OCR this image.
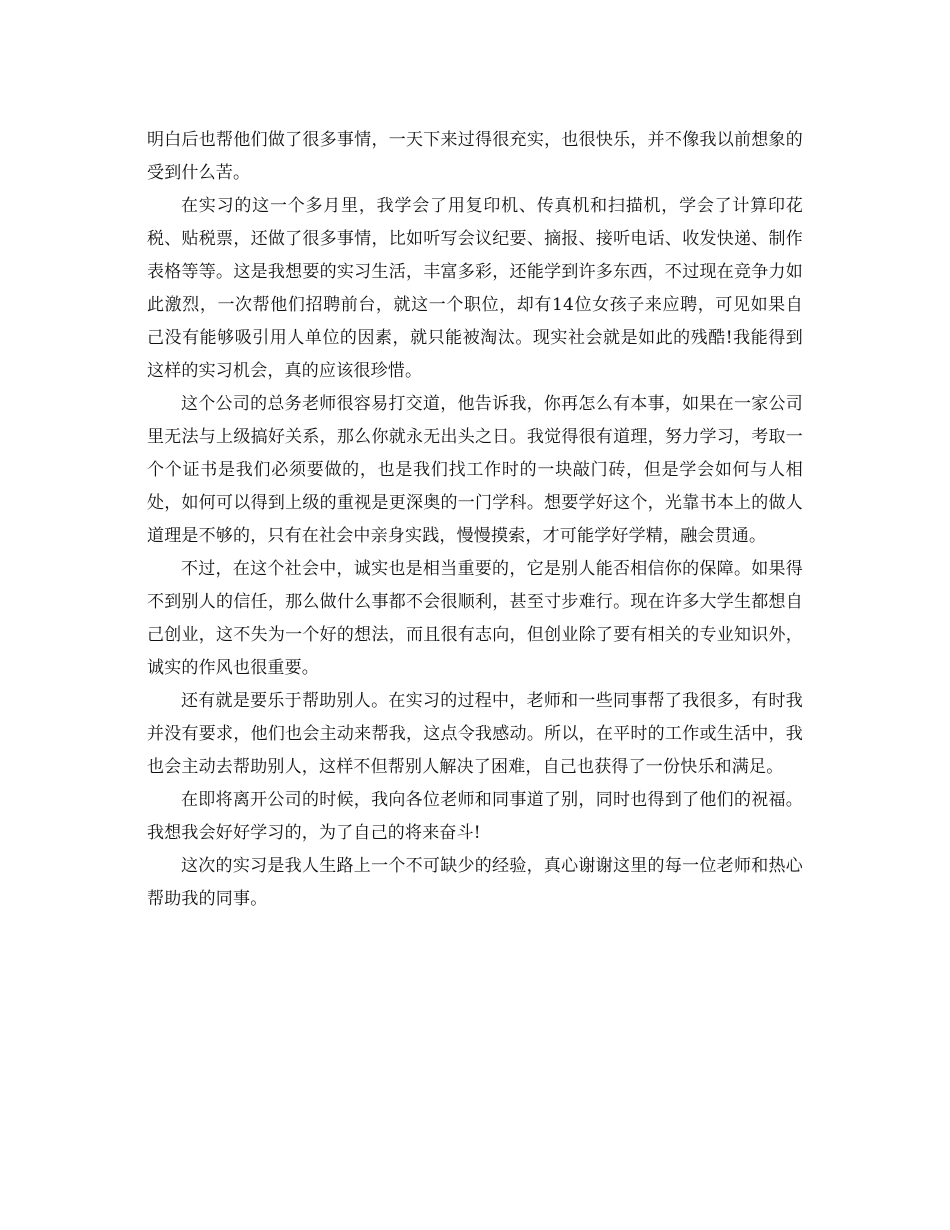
明白后也帮他们做了很多事情，一天下来过得很充实，也很快乐，并不像我以前想象的受到什么苦。

在实习的这一个多月里，我学会了用复印机、传真机和扫描机，学会了计算印花税、贴税票，还做了很多事情，比如听写会议纪要、摘报、接听电话、收发快递、制作表格等等。这是我想要的实习生活，丰富多彩，还能学到许多东西，不过现在竞争力如此激烈，一次帮他们招聘前台，就这一个职位，却有14位女孩子来应聘，可见如果自己没有能够吸引用人单位的因素，就只能被淘汰。现实社会就是如此的残酷!我能得到这样的实习机会，真的应该很珍惜。

这个公司的总务老师很容易打交道，他告诉我，你再怎么有本事，如果在一家公司里无法与上级搞好关系，那么你就永无出头之日。我觉得很有道理，努力学习，考取一个个证书是我们必须要做的，也是我们找工作时的一块敲门砖，但是学会如何与人相处，如何可以得到上级的重视是更深奥的一门学科。想要学好这个，光靠书本上的做人道理是不够的，只有在社会中亲身实践，慢慢摸索，才可能学好学精，融会贯通。

不过，在这个社会中，诚实也是相当重要的，它是别人能否相信你的保障。如果得不到别人的信任，那么做什么事都不会很顺利，甚至寸步难行。现在许多大学生都想自己创业，这不失为一个好的想法，而且很有志向，但创业除了要有相关的专业知识外，诚实的作风也很重要。

还有就是要乐于帮助别人。在实习的过程中，老师和一些同事帮了我很多，有时我并没有要求，他们也会主动来帮我，这点令我感动。所以，在平时的工作或生活中，我也会主动去帮助别人，这样不但帮别人解决了困难，自己也获得了一份快乐和满足。

在即将离开公司的时候，我向各位老师和同事道了别，同时也得到了他们的祝福。我想我会好好学习的，为了自己的将来奋斗!

这次的实习是我人生路上一个不可缺少的经验，真心谢谢这里的每一位老师和热心帮助我的同事。
